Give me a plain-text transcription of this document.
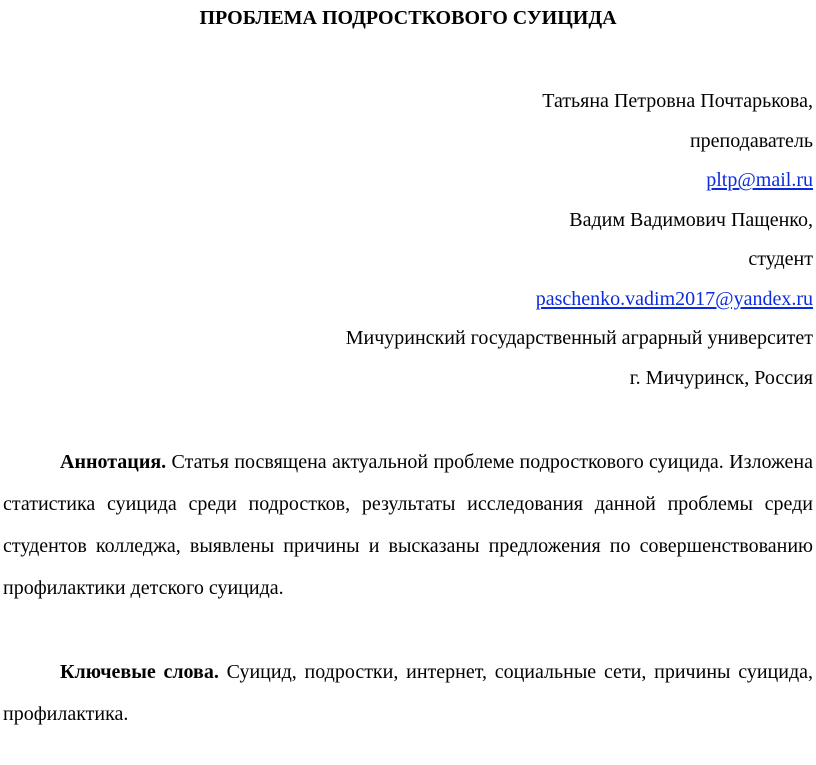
ПРОБЛЕМА ПОДРОСТКОВОГО СУИЦИДА
Татьяна Петровна Почтарькова,
преподаватель
pltp@mail.ru
Вадим Вадимович Пащенко,
студент
paschenko.vadim2017@yandex.ru
Мичуринский государственный аграрный университет
г. Мичуринск, Россия
Аннотация. Статья посвящена актуальной проблеме подросткового суицида. Изложена статистика суицида среди подростков, результаты исследования данной проблемы среди студентов колледжа, выявлены причины и высказаны предложения по совершенствованию профилактики детского суицида.
Ключевые слова. Суицид, подростки, интернет, социальные сети, причины суицида, профилактика.
